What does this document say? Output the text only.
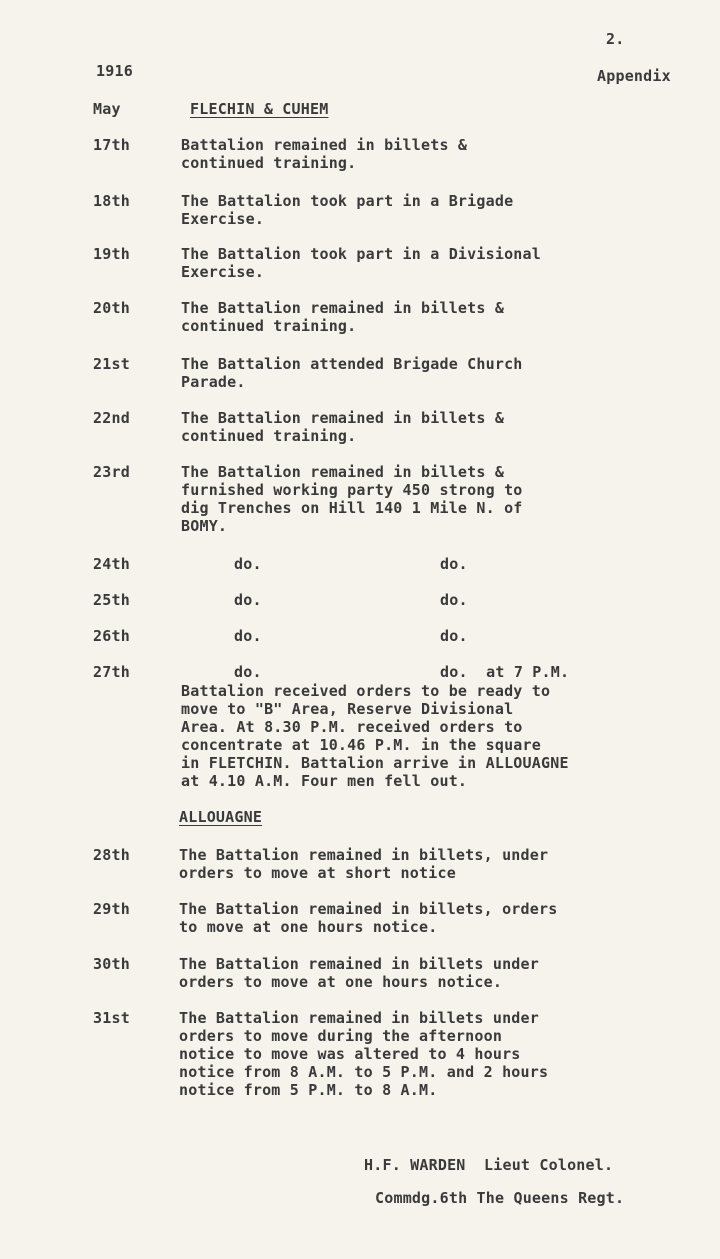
2.

1916	Appendix

May	FLECHIN & CUHEM

17th	Battalion remained in billets &
continued training.

18th	The Battalion took part in a Brigade
Exercise.

19th	The Battalion took part in a Divisional
Exercise.

20th	The Battalion remained in billets &
continued training.

21st	The Battalion attended Brigade Church
Parade.

22nd	The Battalion remained in billets &
continued training.

23rd	The Battalion remained in billets &
furnished working party 450 strong to
dig Trenches on Hill 140 1 Mile N. of
BOMY.

24th	do.	do.

25th	do.	do.

26th	do.	do.

27th	do.	do.  at 7 P.M.

Battalion received orders to be ready to
move to "B" Area, Reserve Divisional
Area. At 8.30 P.M. received orders to
concentrate at 10.46 P.M. in the square
in FLETCHIN. Battalion arrive in ALLOUAGNE
at 4.10 A.M. Four men fell out.

ALLOUAGNE

28th	The Battalion remained in billets, under
orders to move at short notice

29th	The Battalion remained in billets, orders
to move at one hours notice.

30th	The Battalion remained in billets under
orders to move at one hours notice.

31st	The Battalion remained in billets under
orders to move during the afternoon
notice to move was altered to 4 hours
notice from 8 A.M. to 5 P.M. and 2 hours
notice from 5 P.M. to 8 A.M.

H.F. WARDEN  Lieut Colonel.

Commdg.6th The Queens Regt.
